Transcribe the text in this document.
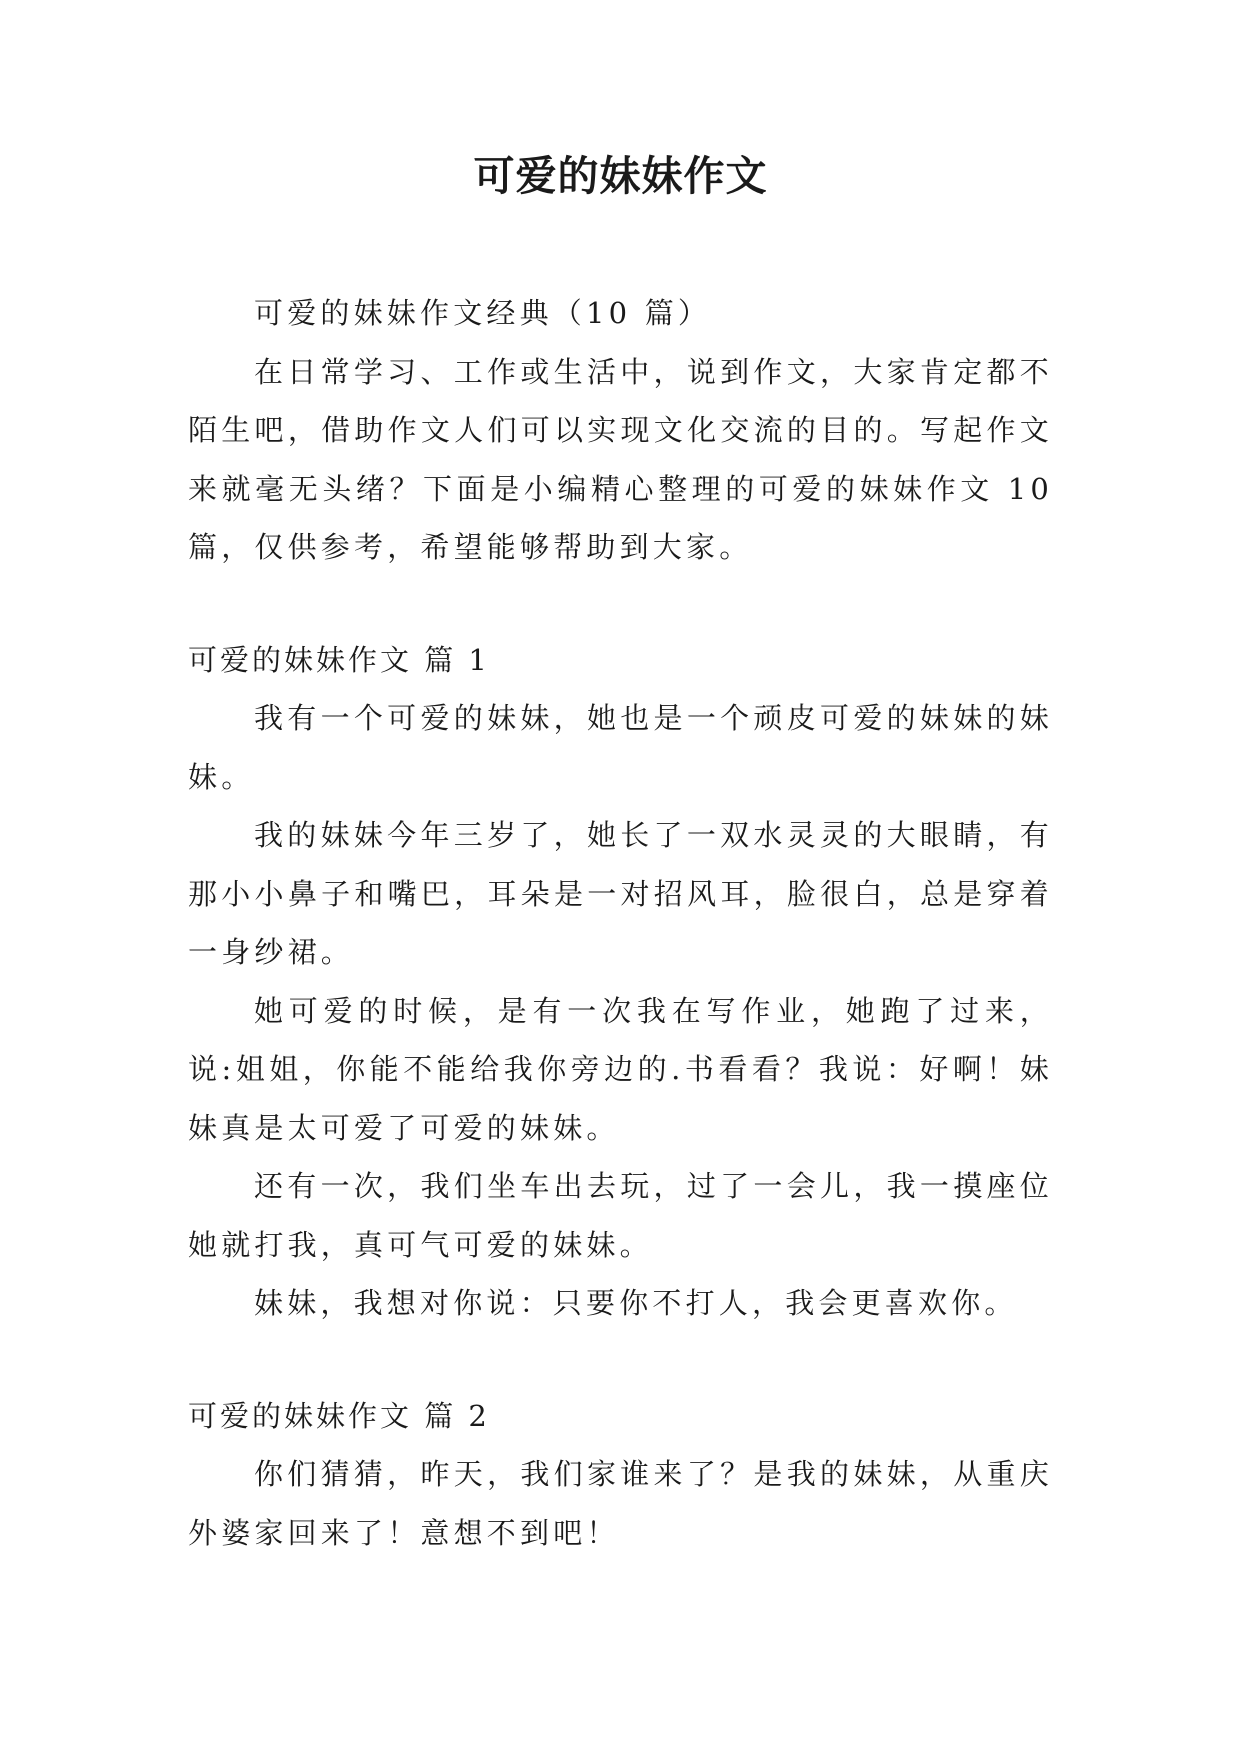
可爱的妹妹作文

可爱的妹妹作文经典（10 篇）

在日常学习、工作或生活中，说到作文，大家肯定都不陌生吧，借助作文人们可以实现文化交流的目的。写起作文来就毫无头绪？下面是小编精心整理的可爱的妹妹作文 10 篇，仅供参考，希望能够帮助到大家。

可爱的妹妹作文 篇 1

我有一个可爱的妹妹，她也是一个顽皮可爱的妹妹的妹妹。

我的妹妹今年三岁了，她长了一双水灵灵的大眼睛，有那小小鼻子和嘴巴，耳朵是一对招风耳，脸很白，总是穿着一身纱裙。

她可爱的时候，是有一次我在写作业，她跑了过来，说:姐姐，你能不能给我你旁边的.书看看？我说：好啊！妹妹真是太可爱了可爱的妹妹。

还有一次，我们坐车出去玩，过了一会儿，我一摸座位她就打我，真可气可爱的妹妹。

妹妹，我想对你说：只要你不打人，我会更喜欢你。

可爱的妹妹作文 篇 2

你们猜猜，昨天，我们家谁来了？是我的妹妹，从重庆外婆家回来了！意想不到吧！
